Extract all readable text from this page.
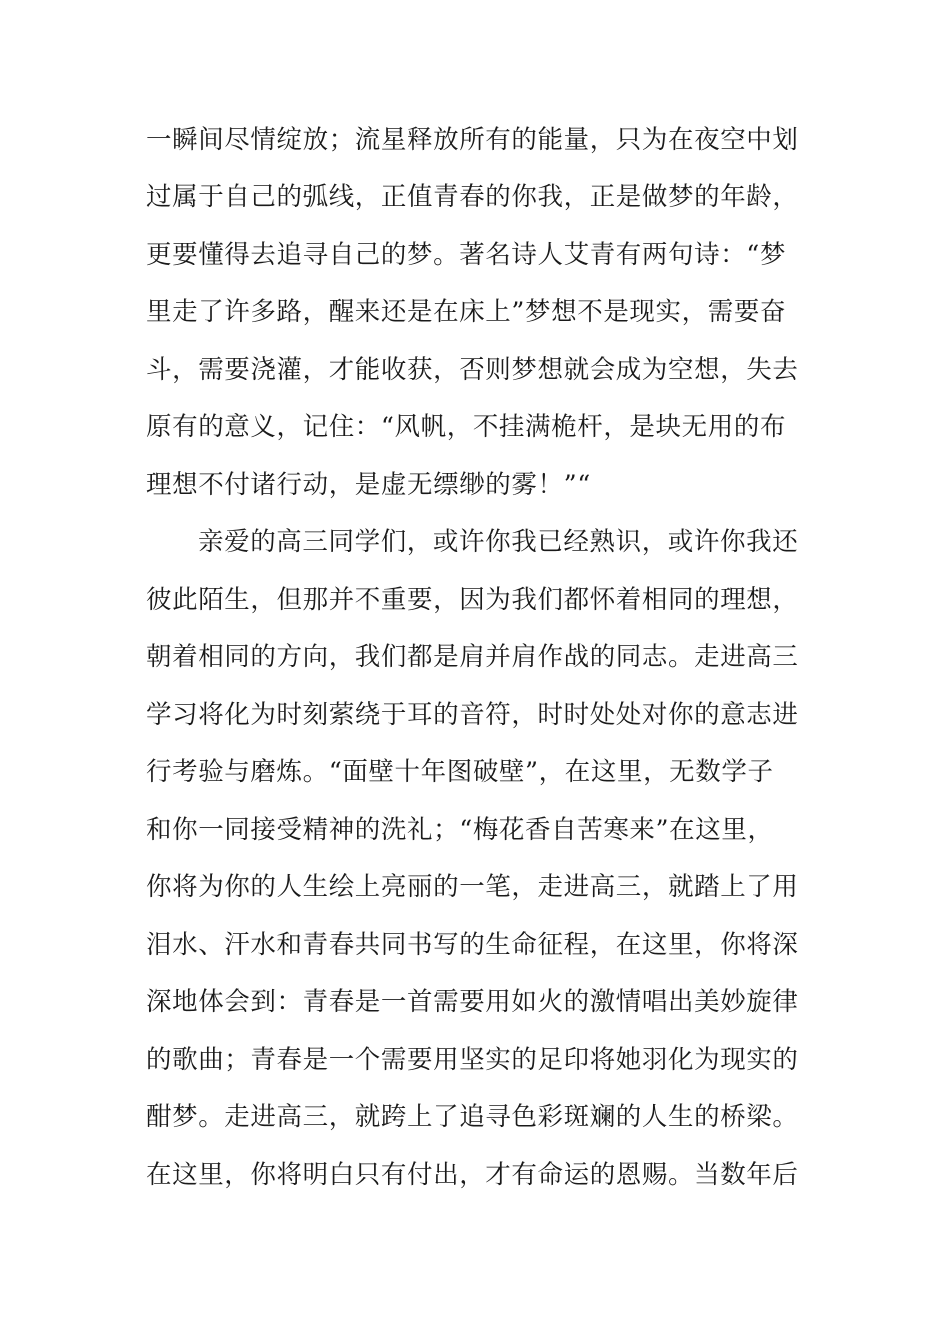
一瞬间尽情绽放；流星释放所有的能量，只为在夜空中划
过属于自己的弧线，正值青春的你我，正是做梦的年龄，
更要懂得去追寻自己的梦。著名诗人艾青有两句诗：“梦
里走了许多路，醒来还是在床上”梦想不是现实，需要奋
斗，需要浇灌，才能收获，否则梦想就会成为空想，失去
原有的意义，记住：“风帆，不挂满桅杆，是块无用的布
理想不付诸行动，是虚无缥缈的雾！”“
亲爱的高三同学们，或许你我已经熟识，或许你我还
彼此陌生，但那并不重要，因为我们都怀着相同的理想，
朝着相同的方向，我们都是肩并肩作战的同志。走进高三
学习将化为时刻萦绕于耳的音符，时时处处对你的意志进
行考验与磨炼。“面壁十年图破壁”，在这里，无数学子
和你一同接受精神的洗礼；“梅花香自苦寒来”在这里，
你将为你的人生绘上亮丽的一笔，走进高三，就踏上了用
泪水、汗水和青春共同书写的生命征程，在这里，你将深
深地体会到：青春是一首需要用如火的激情唱出美妙旋律
的歌曲；青春是一个需要用坚实的足印将她羽化为现实的
酣梦。走进高三，就跨上了追寻色彩斑斓的人生的桥梁。
在这里，你将明白只有付出，才有命运的恩赐。当数年后
